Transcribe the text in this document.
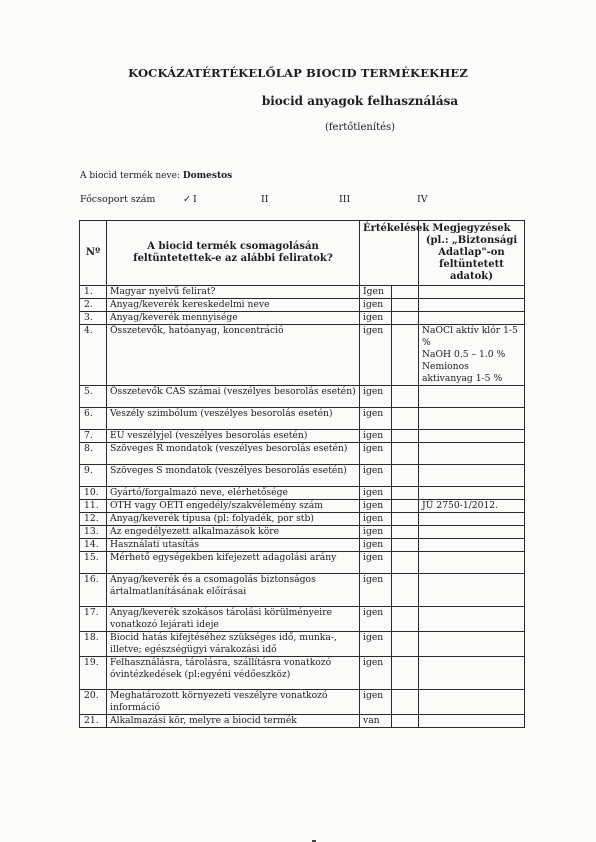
KOCKÁZATÉRTÉKELŐLAP BIOCID TERMÉKEKHEZ
biocid anyagok felhasználása
(fertőtlenítés)
A biocid termék neve: Domestos
Főcsoport szám	✓ I	II	III	IV
Nº	A biocid termék csomagolásán feltüntetettek-e az alábbi feliratok?	Értékelések		Megjegyzések (pl.: „Biztonsági Adatlap"-on feltüntetett adatok)
1.	Magyar nyelvű felirat?	Igen		
2.	Anyag/keverék kereskedelmi neve	igen		
3.	Anyag/keverék mennyisége	igen		
4.	Összetevők, hatóanyag, koncentráció	igen		NaOCl aktív klór 1-5 %
NaOH 0.5 – 1.0 %
Nemionos aktivanyag 1-5 %
5.	Összetevők CAS számai (veszélyes besorolás esetén)	igen		
6.	Veszély szimbólum (veszélyes besorolás esetén)	igen		
7.	EU veszélyjel (veszélyes besorolás esetén)	igen		
8.	Szöveges R mondatok (veszélyes besorolás esetén)	igen		
9.	Szöveges S mondatok (veszélyes besorolás esetén)	igen		
10.	Gyártó/forgalmazó neve, elérhetősége	igen		
11.	OTH vagy OÉTI engedély/szakvélemény szám	igen		JÜ 2750-1/2012.
12.	Anyag/keverék típusa (pl: folyadék, por stb)	igen		
13.	Az engedélyezett alkalmazások köre	igen		
14.	Használati utasítás	igen		
15.	Mérhető egységekben kifejezett adagolási arány	igen		
16.	Anyag/keverék és a csomagolás biztonságos ártalmatlanításának előírásai	igen		
17.	Anyag/keverék szokásos tárolási körülményeire vonatkozó lejárati ideje	igen		
18.	Biocid hatás kifejtéséhez szükséges idő, munka-, illetve; egészségügyi várakozási idő	igen		
19.	Felhasználásra, tárolásra, szállításra vonatkozó óvintézkedések (pl:egyéni védőeszköz)	igen		
20.	Meghatározott környezeti veszélyre vonatkozó információ	igen		
21.	Alkalmazási kör, melyre a biocid termék	van		
